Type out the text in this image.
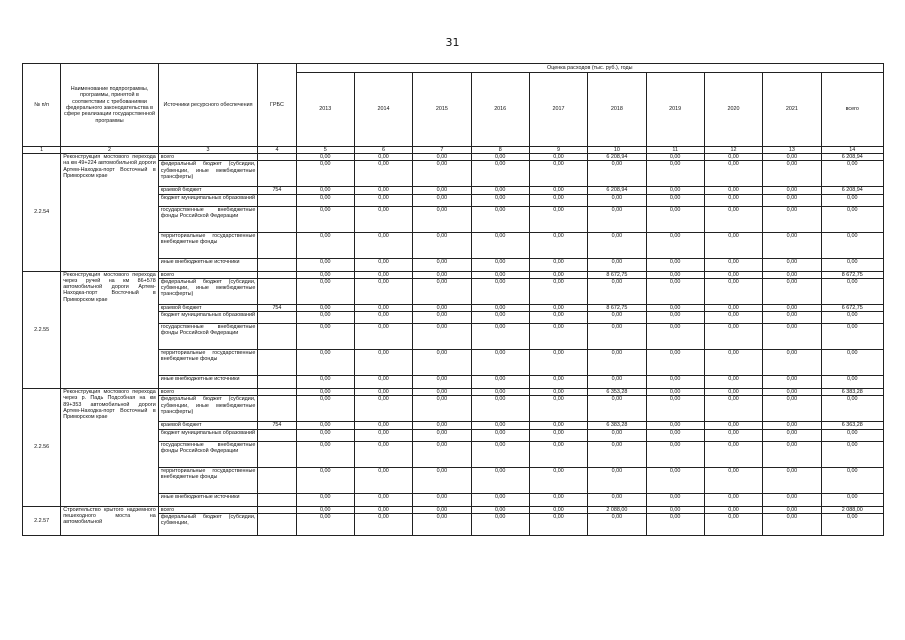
31
№ п/п	Наименование подпрограммы, программы, принятой в соответствии с требованиями федерального законодательства в сфере реализации государственной программы	Источники ресурсного обеспечения	ГРБС	Оценка расходов (тыс. руб.), годы									
				2013	2014	2015	2016	2017	2018	2019	2020	2021	всего
1	2	3	4	5	6	7	8	9	10	11	12	13	14
2.2.54	Реконструкция мостового перехода на км 49+224 автомобильной дороги Артем-Находка-порт Восточный в Приморском крае	всего		0,00	0,00	0,00	0,00	0,00	6 208,94	0,00	0,00	0,00	6 208,94
		федеральный бюджет (субсидии, субвенции, иные межбюджетные трансферты)		0,00	0,00	0,00	0,00	0,00	0,00	0,00	0,00	0,00	0,00
		краевой бюджет	754	0,00	0,00	0,00	0,00	0,00	6 208,94	0,00	0,00	0,00	6 208,94
		бюджет муниципальных образований		0,00	0,00	0,00	0,00	0,00	0,00	0,00	0,00	0,00	0,00
		государственные внебюджетные фонды Российской Федерации		0,00	0,00	0,00	0,00	0,00	0,00	0,00	0,00	0,00	0,00
		территориальные государственные внебюджетные фонды		0,00	0,00	0,00	0,00	0,00	0,00	0,00	0,00	0,00	0,00
		иные внебюджетные источники		0,00	0,00	0,00	0,00	0,00	0,00	0,00	0,00	0,00	0,00
2.2.55	Реконструкция мостового перехода через ручей на км 86+578 автомобильной дороги Артем-Находка-порт Восточный в Приморском крае	всего		0,00	0,00	0,00	0,00	0,00	8 672,75	0,00	0,00	0,00	8 672,75
		федеральный бюджет (субсидии, субвенции, иные межбюджетные трансферты)		0,00	0,00	0,00	0,00	0,00	0,00	0,00	0,00	0,00	0,00
		краевой бюджет	754	0,00	0,00	0,00	0,00	0,00	8 672,75	0,00	0,00	0,00	6 672,75
		бюджет муниципальных образований		0,00	0,00	0,00	0,00	0,00	0,00	0,00	0,00	0,00	0,00
		государственные внебюджетные фонды Российской Федерации		0,00	0,00	0,00	0,00	0,00	0,00	0,00	0,00	0,00	0,00
		территориальные государственные внебюджетные фонды		0,00	0,00	0,00	0,00	0,00	0,00	0,00	0,00	0,00	0,00
		иные внебюджетные источники		0,00	0,00	0,00	0,00	0,00	0,00	0,00	0,00	0,00	0,00
2.2.56	Реконструкция мостового перехода через р. Падь Подсобная на км 89+353 автомобильной дороги Артем-Находка-порт Восточный в Приморском крае	всего		0,00	0,00	0,00	0,00	0,00	6 353,28	0,00	0,00	0,00	6 383,28
		федеральный бюджет (субсидии, субвенции, иные межбюджетные трансферты)		0,00	0,00	0,00	0,00	0,00	0,00	0,00	0,00	0,00	0,00
		краевой бюджет	754	0,00	0,00	0,00	0,00	0,00	6 383,28	0,00	0,00	0,00	6 363,28
		бюджет муниципальных образований		0,00	0,00	0,00	0,00	0,00	0,00	0,00	0,00	0,00	0,00
		государственные внебюджетные фонды Российской Федерации		0,00	0,00	0,00	0,00	0,00	0,00	0,00	0,00	0,00	0,00
		территориальные государственные внебюджетные фонды		0,00	0,00	0,00	0,00	0,00	0,00	0,00	0,00	0,00	0,00
		иные внебюджетные источники		0,00	0,00	0,00	0,00	0,00	0,00	0,00	0,00	0,00	0,00
2.2.57	Строительство крытого надземного пешеходного моста на автомобильной	всего		0,00	0,00	0,00	0,00	0,00	2 088,00	0,00	0,00	0,00	2 088,00
		федеральный бюджет (субсидии, субвенции,		0,00	0,00	0,00	0,00	0,00	0,00	0,00	0,00	0,00	0,00
